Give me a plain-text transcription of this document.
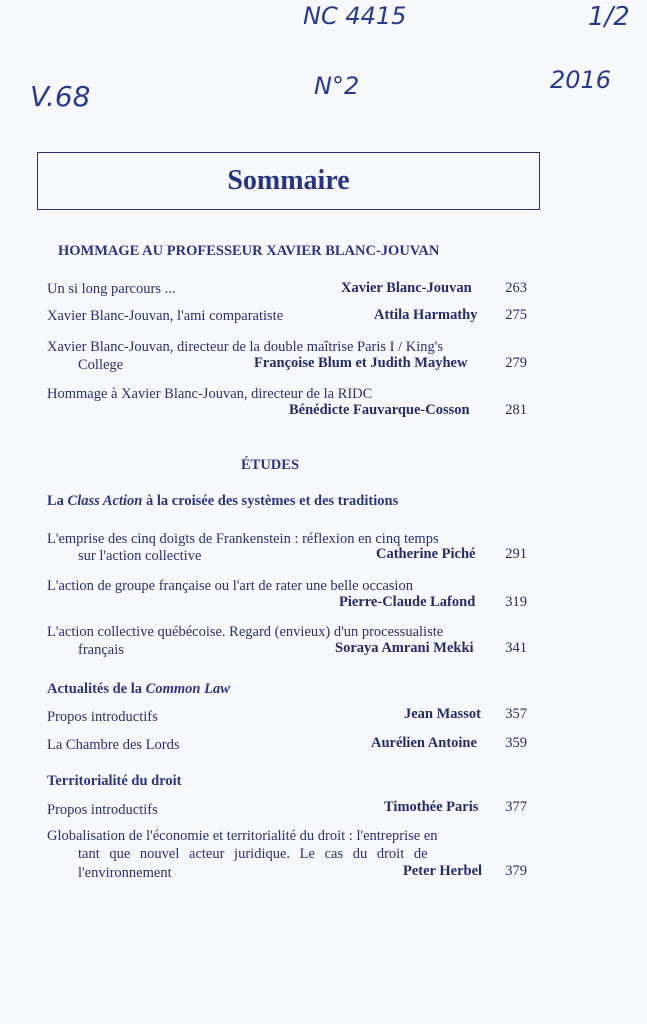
NC 4415	1/2
V.68	N°2	2016
Sommaire
HOMMAGE AU PROFESSEUR XAVIER BLANC-JOUVAN
Un si long parcours ...	Xavier Blanc-Jouvan	263
Xavier Blanc-Jouvan, l'ami comparatiste	Attila Harmathy	275
Xavier Blanc-Jouvan, directeur de la double maîtrise Paris I / King's
College	Françoise Blum et Judith Mayhew	279
Hommage à Xavier Blanc-Jouvan, directeur de la RIDC
Bénédicte Fauvarque-Cosson	281
ÉTUDES
La Class Action à la croisée des systèmes et des traditions
L'emprise des cinq doigts de Frankenstein : réflexion en cinq temps
sur l'action collective	Catherine Piché	291
L'action de groupe française ou l'art de rater une belle occasion
Pierre-Claude Lafond	319
L'action collective québécoise. Regard (envieux) d'un processualiste
français	Soraya Amrani Mekki	341
Actualités de la Common Law
Propos introductifs	Jean Massot	357
La Chambre des Lords	Aurélien Antoine	359
Territorialité du droit
Propos introductifs	Timothée Paris	377
Globalisation de l'économie et territorialité du droit : l'entreprise en
tant que nouvel acteur juridique. Le cas du droit de
l'environnement	Peter Herbel	379
